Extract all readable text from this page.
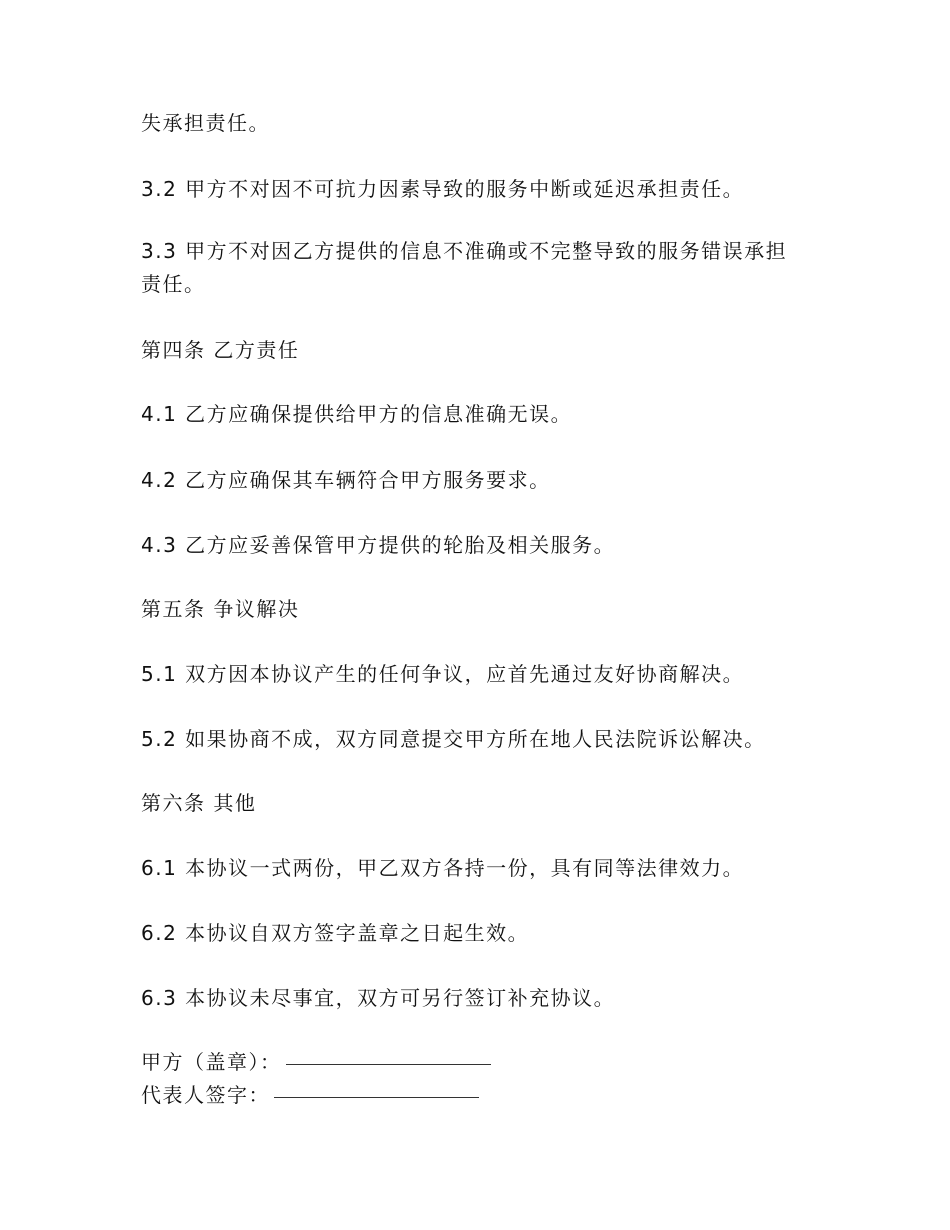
失承担责任。

3.2 甲方不对因不可抗力因素导致的服务中断或延迟承担责任。

3.3 甲方不对因乙方提供的信息不准确或不完整导致的服务错误承担责任。

第四条 乙方责任

4.1 乙方应确保提供给甲方的信息准确无误。

4.2 乙方应确保其车辆符合甲方服务要求。

4.3 乙方应妥善保管甲方提供的轮胎及相关服务。

第五条 争议解决

5.1 双方因本协议产生的任何争议，应首先通过友好协商解决。

5.2 如果协商不成，双方同意提交甲方所在地人民法院诉讼解决。

第六条 其他

6.1 本协议一式两份，甲乙双方各持一份，具有同等法律效力。

6.2 本协议自双方签字盖章之日起生效。

6.3 本协议未尽事宜，双方可另行签订补充协议。

甲方（盖章）：
代表人签字：
